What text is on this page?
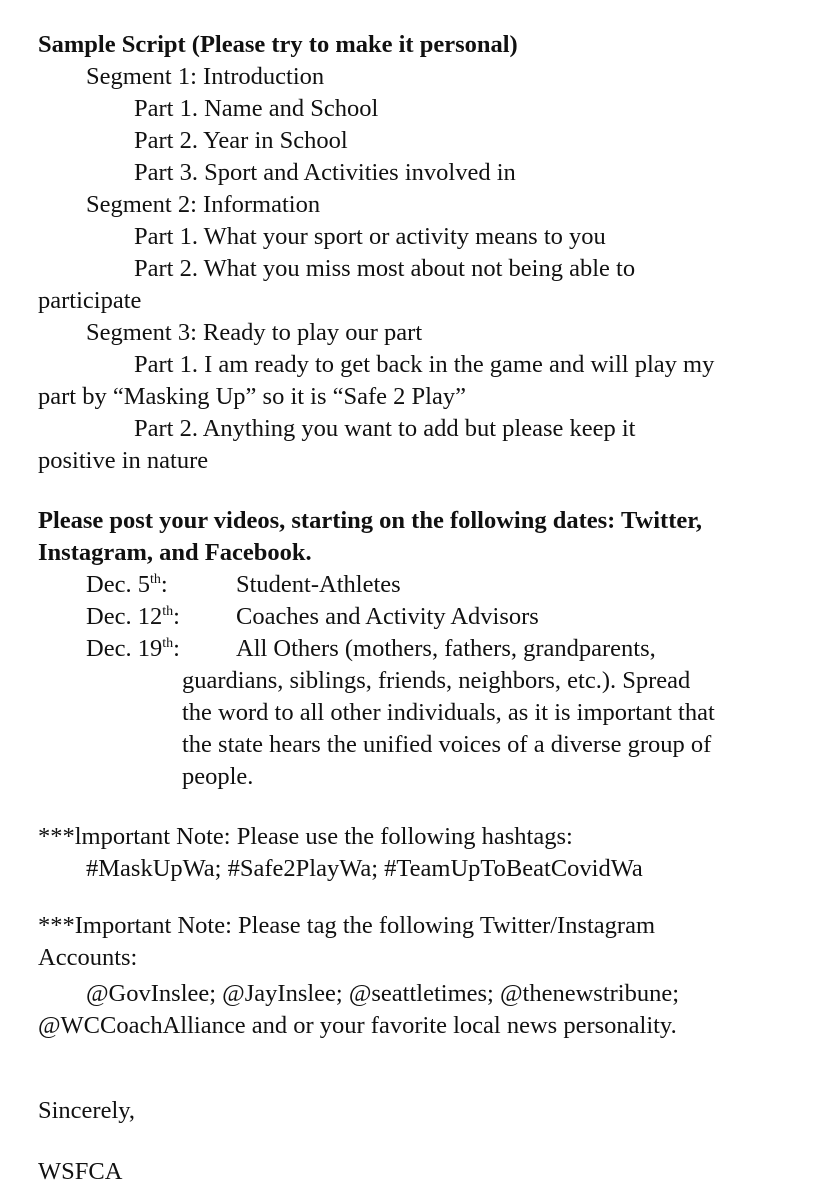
Sample Script (Please try to make it personal)
Segment 1: Introduction
Part 1. Name and School
Part 2. Year in School
Part 3. Sport and Activities involved in
Segment 2: Information
Part 1. What your sport or activity means to you
Part 2. What you miss most about not being able to
participate
Segment 3: Ready to play our part
Part 1. I am ready to get back in the game and will play my
part by “Masking Up” so it is “Safe 2 Play”
Part 2. Anything you want to add but please keep it
positive in nature
Please post your videos, starting on the following dates: Twitter,
Instagram, and Facebook.
Dec. 5th:	Student-Athletes
Dec. 12th: Coaches and Activity Advisors
Dec. 19th: All Others (mothers, fathers, grandparents,
guardians, siblings, friends, neighbors, etc.). Spread
the word to all other individuals, as it is important that
the state hears the unified voices of a diverse group of
people.
***lmportant Note: Please use the following hashtags:
#MaskUpWa; #Safe2PlayWa; #TeamUpToBeatCovidWa
***Important Note: Please tag the following Twitter/Instagram
Accounts:
@GovInslee; @JayInslee; @seattletimes; @thenewstribune;
@WCCoachAlliance and or your favorite local news personality.
Sincerely,
WSFCA
